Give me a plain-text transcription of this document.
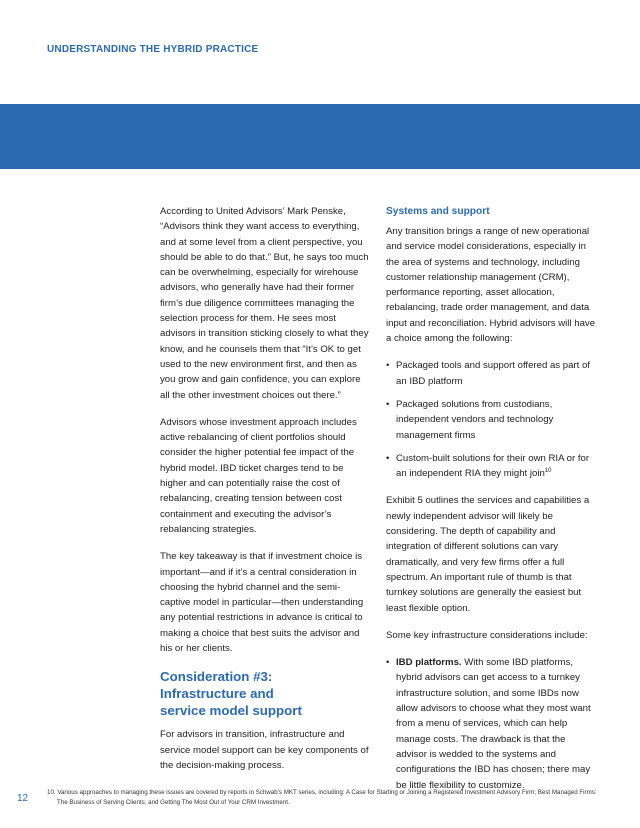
UNDERSTANDING THE HYBRID PRACTICE

According to United Advisors’ Mark Penske, “Advisors think they want access to everything, and at some level from a client perspective, you should be able to do that.” But, he says too much can be overwhelming, especially for wirehouse advisors, who generally have had their former firm’s due diligence committees managing the selection process for them. He sees most advisors in transition sticking closely to what they know, and he counsels them that “It’s OK to get used to the new environment first, and then as you grow and gain confidence, you can explore all the other investment choices out there.”

Advisors whose investment approach includes active rebalancing of client portfolios should consider the higher potential fee impact of the hybrid model. IBD ticket charges tend to be higher and can potentially raise the cost of rebalancing, creating tension between cost containment and executing the advisor’s rebalancing strategies.

The key takeaway is that if investment choice is important—and if it’s a central consideration in choosing the hybrid channel and the semi-captive model in particular—then understanding any potential restrictions in advance is critical to making a choice that best suits the advisor and his or her clients.

Consideration #3:
Infrastructure and
service model support

For advisors in transition, infrastructure and service model support can be key components of the decision-making process.

Systems and support

Any transition brings a range of new operational and service model considerations, especially in the area of systems and technology, including customer relationship management (CRM), performance reporting, asset allocation, rebalancing, trade order management, and data input and reconciliation. Hybrid advisors will have a choice among the following:

• Packaged tools and support offered as part of an IBD platform
• Packaged solutions from custodians, independent vendors and technology management firms
• Custom-built solutions for their own RIA or for an independent RIA they might join$^{10}$

Exhibit 5 outlines the services and capabilities a newly independent advisor will likely be considering. The depth of capability and integration of different solutions can vary dramatically, and very few firms offer a full spectrum. An important rule of thumb is that turnkey solutions are generally the easiest but least flexible option.

Some key infrastructure considerations include:

• IBD platforms. With some IBD platforms, hybrid advisors can get access to a turnkey infrastructure solution, and some IBDs now allow advisors to choose what they most want from a menu of services, which can help manage costs. The drawback is that the advisor is wedded to the systems and configurations the IBD has chosen; there may be little flexibility to customize.
12
10. Various approaches to managing these issues are covered by reports in Schwab’s MKT series, including: A Case for Starting or Joining a Registered Investment Advisory Firm; Best Managed Firms:
The Business of Serving Clients; and Getting The Most Out of Your CRM Investment.
